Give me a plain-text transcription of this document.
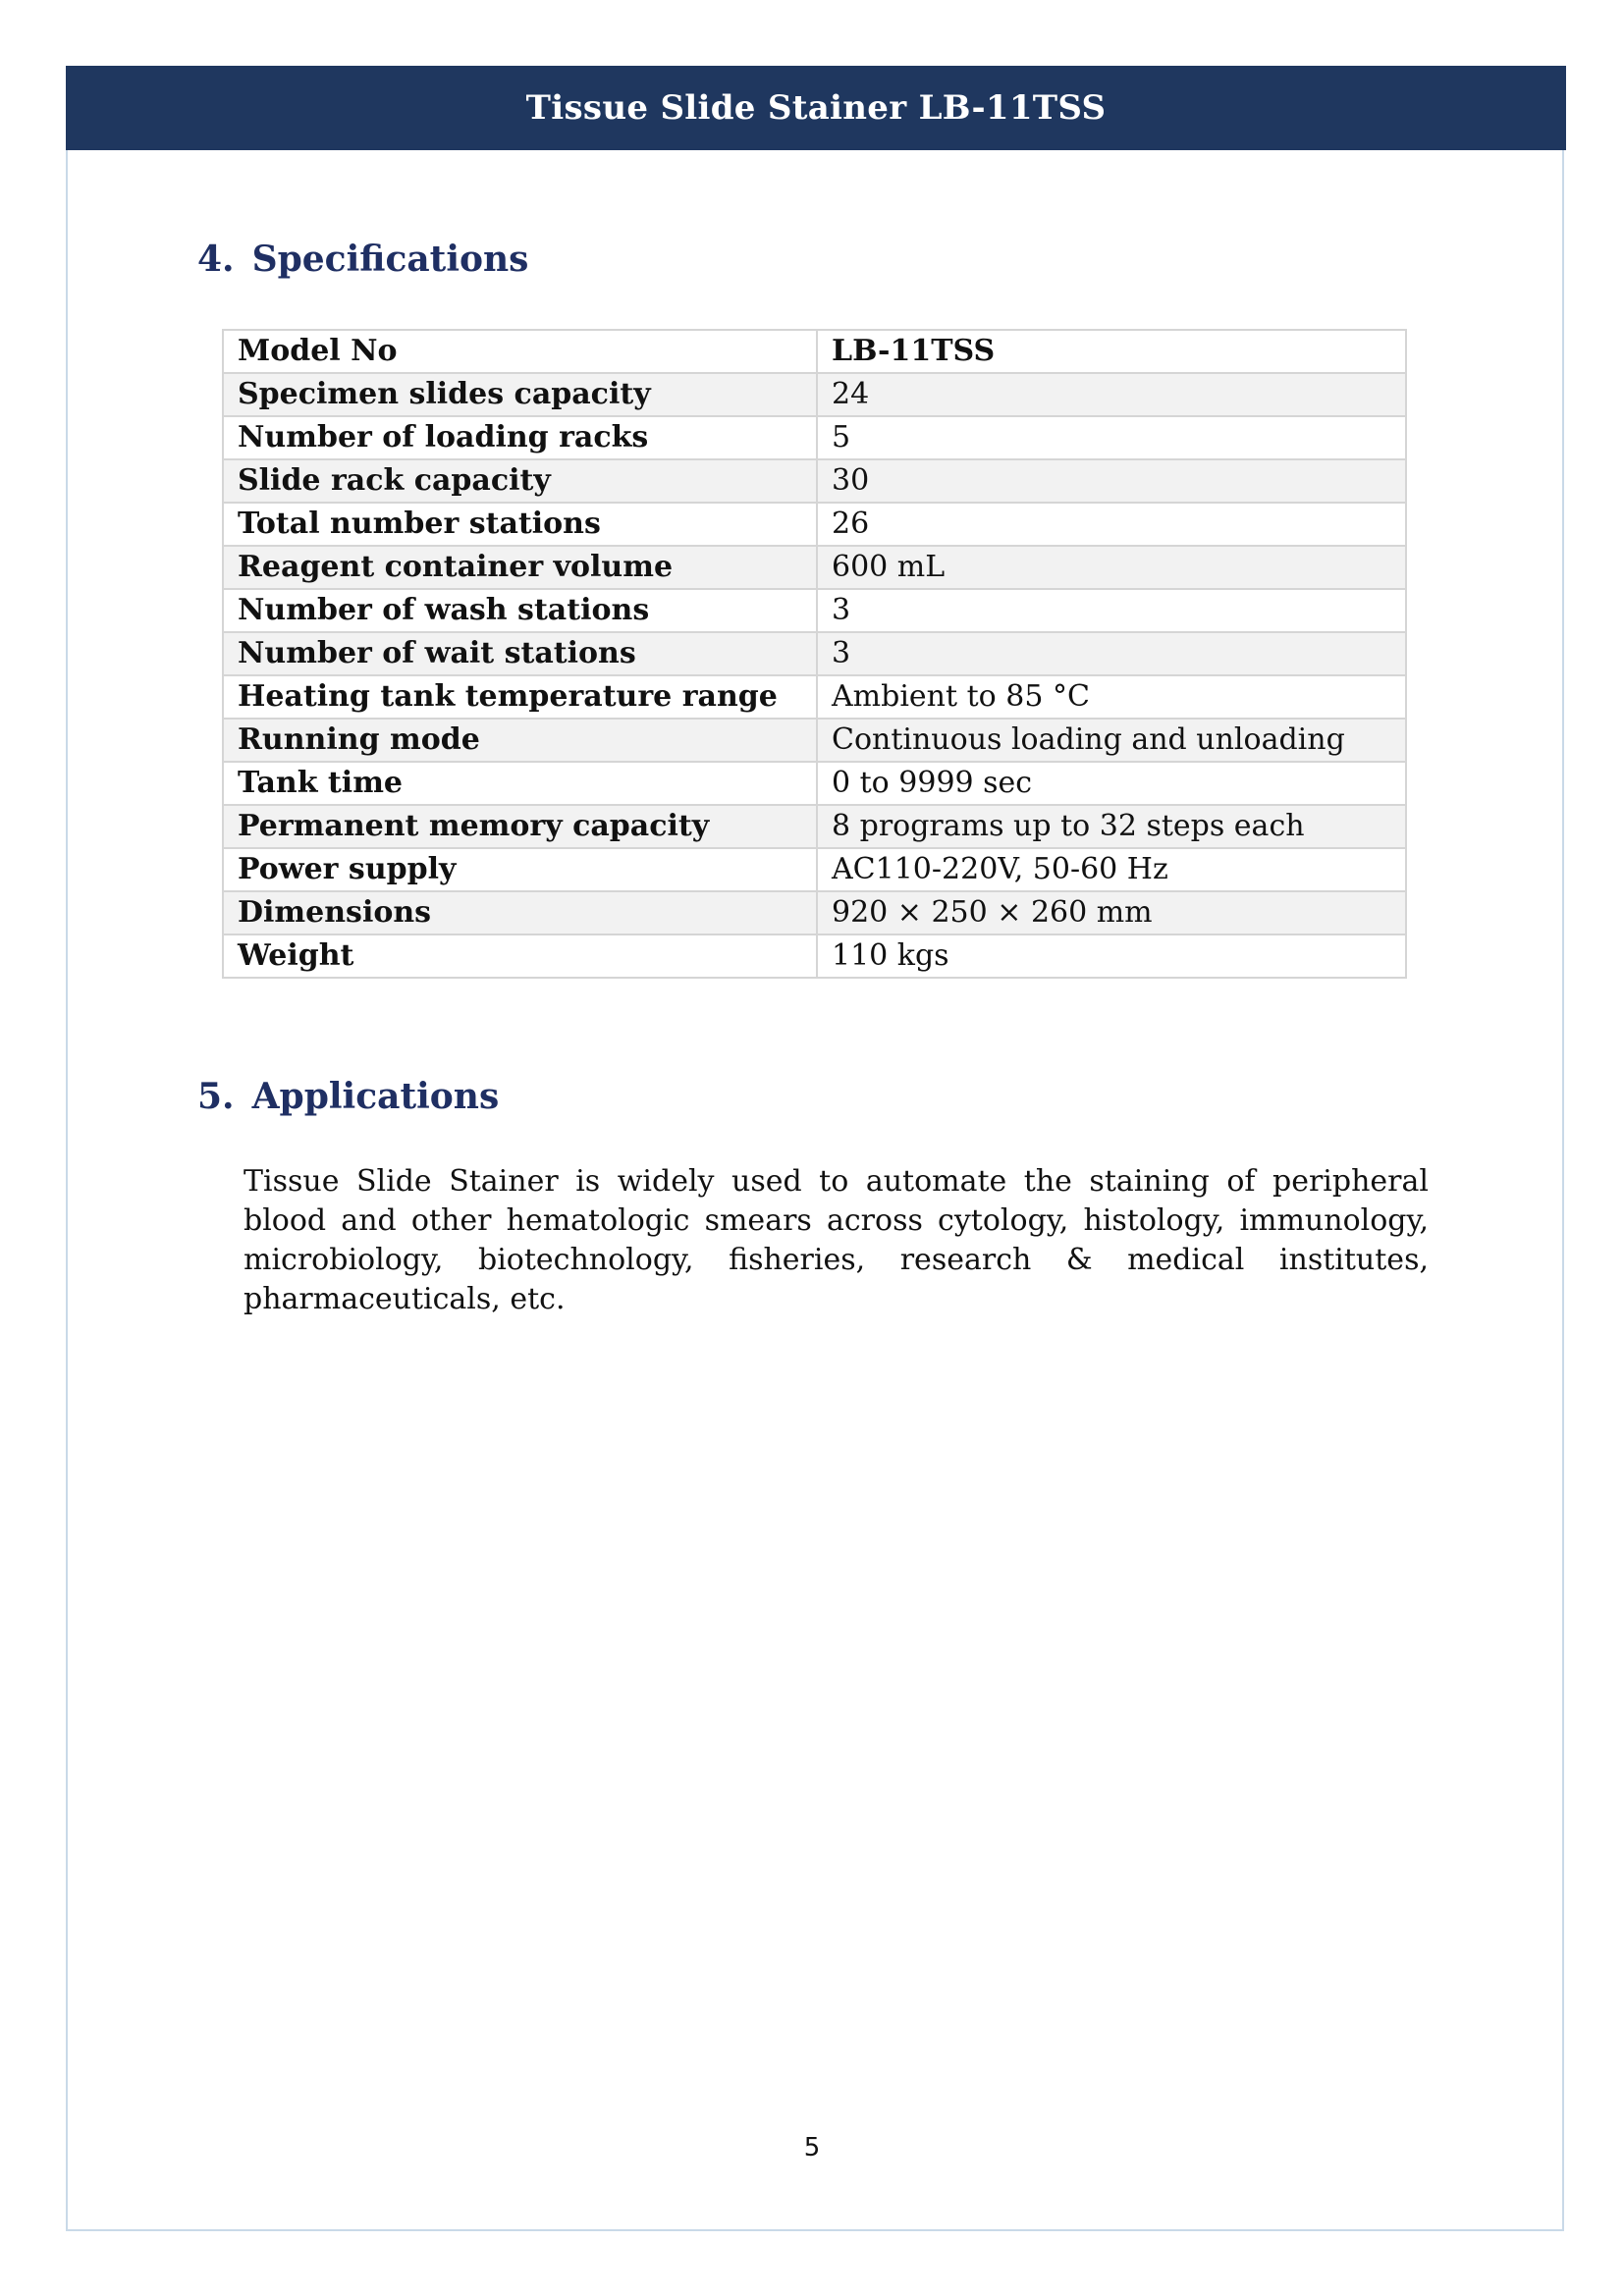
Tissue Slide Stainer LB-11TSS
4. Specifications
Model No	LB-11TSS
Specimen slides capacity	24
Number of loading racks	5
Slide rack capacity	30
Total number stations	26
Reagent container volume	600 mL
Number of wash stations	3
Number of wait stations	3
Heating tank temperature range	Ambient to 85 °C
Running mode	Continuous loading and unloading
Tank time	0 to 9999 sec
Permanent memory capacity	8 programs up to 32 steps each
Power supply	AC110-220V, 50-60 Hz
Dimensions	920 × 250 × 260 mm
Weight	110 kgs
5. Applications

Tissue Slide Stainer is widely used to automate the staining of peripheral blood and other hematologic smears across cytology, histology, immunology, microbiology, biotechnology, fisheries, research & medical institutes, pharmaceuticals, etc.

5
